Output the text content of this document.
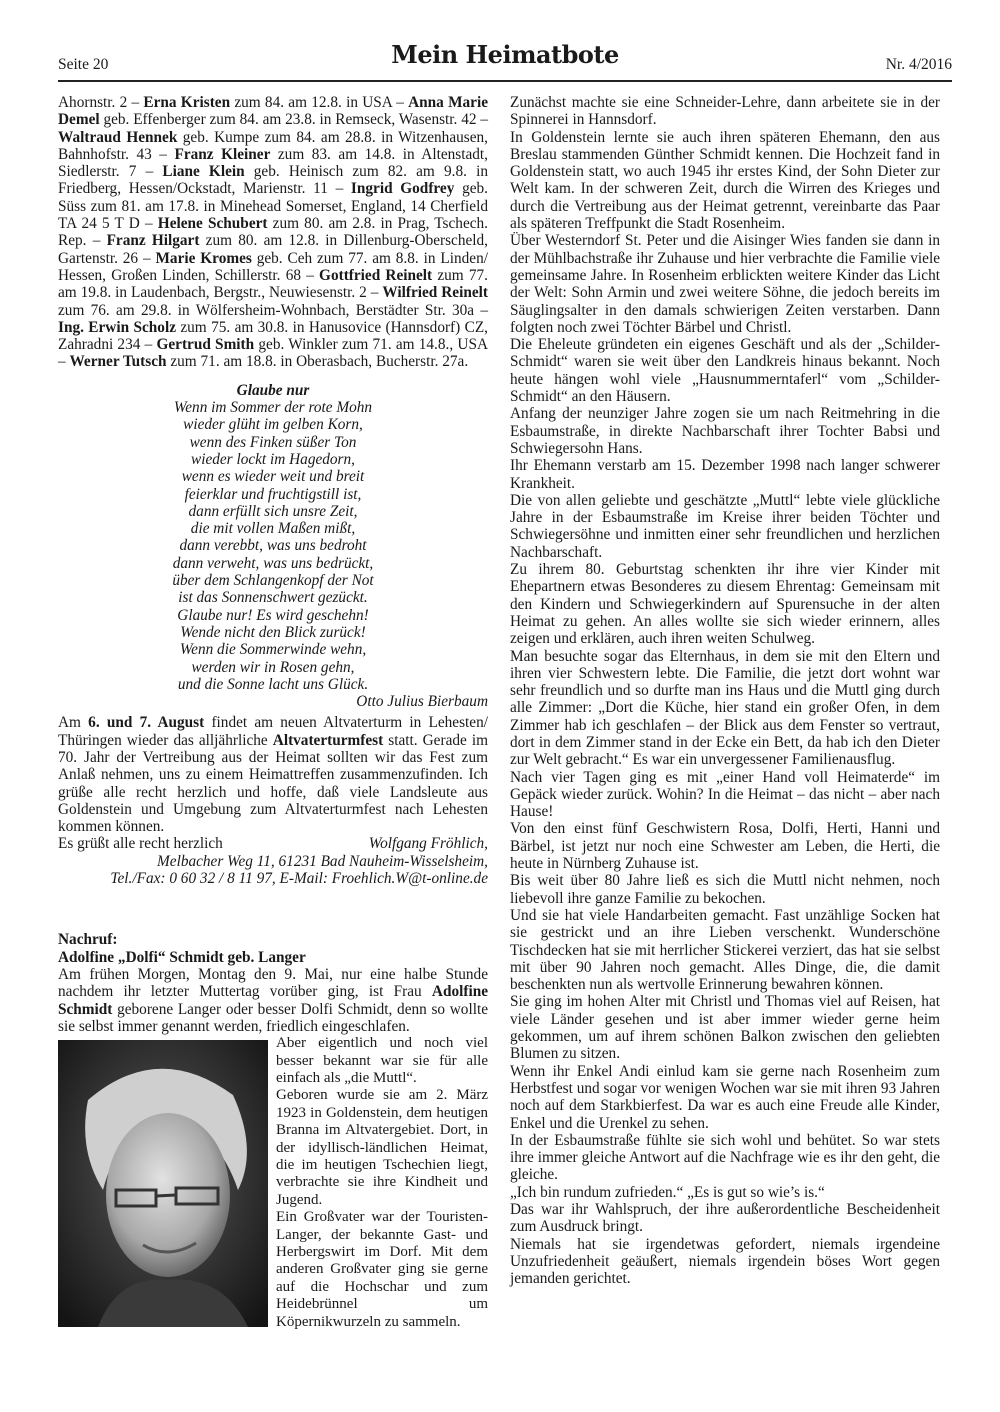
Seite 20	Mein Heimatbote	Nr. 4/2016

Ahornstr. 2 – Erna Kristen zum 84. am 12.8. in USA – Anna Marie Demel geb. Effenberger zum 84. am 23.8. in Remseck, Wasenstr. 42 – Waltraud Hennek geb. Kumpe zum 84. am 28.8. in Witzenhausen, Bahnhofstr. 43 – Franz Kleiner zum 83. am 14.8. in Altenstadt, Siedlerstr. 7 – Liane Klein geb. Heinisch zum 82. am 9.8. in Friedberg, Hessen/Ockstadt, Marienstr. 11 – Ingrid Godfrey geb. Süss zum 81. am 17.8. in Minehead Somerset, England, 14 Cherfield TA 24 5 T D – Helene Schubert zum 80. am 2.8. in Prag, Tschech. Rep. – Franz Hilgart zum 80. am 12.8. in Dillenburg-Oberscheld, Gartenstr. 26 – Marie Kromes geb. Ceh zum 77. am 8.8. in Linden/ Hessen, Großen Linden, Schillerstr. 68 – Gottfried Reinelt zum 77. am 19.8. in Laudenbach, Bergstr., Neuwiesenstr. 2 – Wilfried Reinelt zum 76. am 29.8. in Wölfersheim-Wohnbach, Berstädter Str. 30a – Ing. Erwin Scholz zum 75. am 30.8. in Hanusovice (Hannsdorf) CZ, Zahradni 234 – Gertrud Smith geb. Winkler zum 71. am 14.8., USA – Werner Tutsch zum 71. am 18.8. in Oberasbach, Bucherstr. 27a.

Glaube nur
Wenn im Sommer der rote Mohn
wieder glüht im gelben Korn,
wenn des Finken süßer Ton
wieder lockt im Hagedorn,
wenn es wieder weit und breit
feierklar und fruchtigstill ist,
dann erfüllt sich unsre Zeit,
die mit vollen Maßen mißt,
dann verebbt, was uns bedroht
dann verweht, was uns bedrückt,
über dem Schlangenkopf der Not
ist das Sonnenschwert gezückt.
Glaube nur! Es wird geschehn!
Wende nicht den Blick zurück!
Wenn die Sommerwinde wehn,
werden wir in Rosen gehn,
und die Sonne lacht uns Glück.
Otto Julius Bierbaum

Am 6. und 7. August findet am neuen Altvaterturm in Lehesten/ Thüringen wieder das alljährliche Altvaterturmfest statt. Gerade im 70. Jahr der Vertreibung aus der Heimat sollten wir das Fest zum Anlaß nehmen, uns zu einem Heimattreffen zusammenzufinden. Ich grüße alle recht herzlich und hoffe, daß viele Landsleute aus Goldenstein und Umgebung zum Altvaterturmfest nach Lehesten kommen können.

Es grüßt alle recht herzlich	Wolfgang Fröhlich,
Melbacher Weg 11, 61231 Bad Nauheim-Wisselsheim,
Tel./Fax: 0 60 32 / 8 11 97, E-Mail: Froehlich.W@t-online.de
Nachruf:
Adolfine „Dolfi“ Schmidt geb. Langer

Am frühen Morgen, Montag den 9. Mai, nur eine halbe Stunde nachdem ihr letzter Muttertag vorüber ging, ist Frau Adolfine Schmidt geborene Langer oder besser Dolfi Schmidt, denn so wollte sie selbst immer genannt werden, friedlich eingeschlafen.

Aber eigentlich und noch viel besser bekannt war sie für alle einfach als „die Muttl“.

Geboren wurde sie am 2. März 1923 in Goldenstein, dem heutigen Branna im Altvatergebiet. Dort, in der idyllisch-ländlichen Heimat, die im heutigen Tschechien liegt, verbrachte sie ihre Kindheit und Jugend.

Ein Großvater war der Touristen-Langer, der bekannte Gast- und Herbergswirt im Dorf. Mit dem anderen Großvater ging sie gerne auf die Hochschar und zum Heidebrünnel um Köpernikwurzeln zu sammeln.

Zunächst machte sie eine Schneider-Lehre, dann arbeitete sie in der Spinnerei in Hannsdorf.

In Goldenstein lernte sie auch ihren späteren Ehemann, den aus Breslau stammenden Günther Schmidt kennen. Die Hochzeit fand in Goldenstein statt, wo auch 1945 ihr erstes Kind, der Sohn Dieter zur Welt kam. In der schweren Zeit, durch die Wirren des Krieges und durch die Vertreibung aus der Heimat getrennt, vereinbarte das Paar als späteren Treffpunkt die Stadt Rosenheim.

Über Westerndorf St. Peter und die Aisinger Wies fanden sie dann in der Mühlbachstraße ihr Zuhause und hier verbrachte die Familie viele gemeinsame Jahre. In Rosenheim erblickten weitere Kinder das Licht der Welt: Sohn Armin und zwei weitere Söhne, die jedoch bereits im Säuglingsalter in den damals schwierigen Zeiten verstarben. Dann folgten noch zwei Töchter Bärbel und Christl.

Die Eheleute gründeten ein eigenes Geschäft und als der „Schilder-Schmidt“ waren sie weit über den Landkreis hinaus bekannt. Noch heute hängen wohl viele „Hausnummerntaferl“ vom „Schilder-Schmidt“ an den Häusern.

Anfang der neunziger Jahre zogen sie um nach Reitmehring in die Esbaumstraße, in direkte Nachbarschaft ihrer Tochter Babsi und Schwiegersohn Hans.

Ihr Ehemann verstarb am 15. Dezember 1998 nach langer schwerer Krankheit.

Die von allen geliebte und geschätzte „Muttl“ lebte viele glückliche Jahre in der Esbaumstraße im Kreise ihrer beiden Töchter und Schwiegersöhne und inmitten einer sehr freundlichen und herzlichen Nachbarschaft.

Zu ihrem 80. Geburtstag schenkten ihr ihre vier Kinder mit Ehepartnern etwas Besonderes zu diesem Ehrentag: Gemeinsam mit den Kindern und Schwiegerkindern auf Spurensuche in der alten Heimat zu gehen. An alles wollte sie sich wieder erinnern, alles zeigen und erklären, auch ihren weiten Schulweg.

Man besuchte sogar das Elternhaus, in dem sie mit den Eltern und ihren vier Schwestern lebte. Die Familie, die jetzt dort wohnt war sehr freundlich und so durfte man ins Haus und die Muttl ging durch alle Zimmer: „Dort die Küche, hier stand ein großer Ofen, in dem Zimmer hab ich geschlafen – der Blick aus dem Fenster so vertraut, dort in dem Zimmer stand in der Ecke ein Bett, da hab ich den Dieter zur Welt gebracht.“ Es war ein unvergessener Familienausflug.

Nach vier Tagen ging es mit „einer Hand voll Heimaterde“ im Gepäck wieder zurück. Wohin? In die Heimat – das nicht – aber nach Hause!

Von den einst fünf Geschwistern Rosa, Dolfi, Herti, Hanni und Bärbel, ist jetzt nur noch eine Schwester am Leben, die Herti, die heute in Nürnberg Zuhause ist.

Bis weit über 80 Jahre ließ es sich die Muttl nicht nehmen, noch liebevoll ihre ganze Familie zu bekochen.

Und sie hat viele Handarbeiten gemacht. Fast unzählige Socken hat sie gestrickt und an ihre Lieben verschenkt. Wunderschöne Tischdecken hat sie mit herrlicher Stickerei verziert, das hat sie selbst mit über 90 Jahren noch gemacht. Alles Dinge, die, die damit beschenkten nun als wertvolle Erinnerung bewahren können.

Sie ging im hohen Alter mit Christl und Thomas viel auf Reisen, hat viele Länder gesehen und ist aber immer wieder gerne heim gekommen, um auf ihrem schönen Balkon zwischen den geliebten Blumen zu sitzen.

Wenn ihr Enkel Andi einlud kam sie gerne nach Rosenheim zum Herbstfest und sogar vor wenigen Wochen war sie mit ihren 93 Jahren noch auf dem Starkbierfest. Da war es auch eine Freude alle Kinder, Enkel und die Urenkel zu sehen.

In der Esbaumstraße fühlte sie sich wohl und behütet. So war stets ihre immer gleiche Antwort auf die Nachfrage wie es ihr den geht, die gleiche.

„Ich bin rundum zufrieden.“ „Es is gut so wie’s is.“

Das war ihr Wahlspruch, der ihre außerordentliche Bescheidenheit zum Ausdruck bringt.

Niemals hat sie irgendetwas gefordert, niemals irgendeine Unzufriedenheit geäußert, niemals irgendein böses Wort gegen jemanden gerichtet.
